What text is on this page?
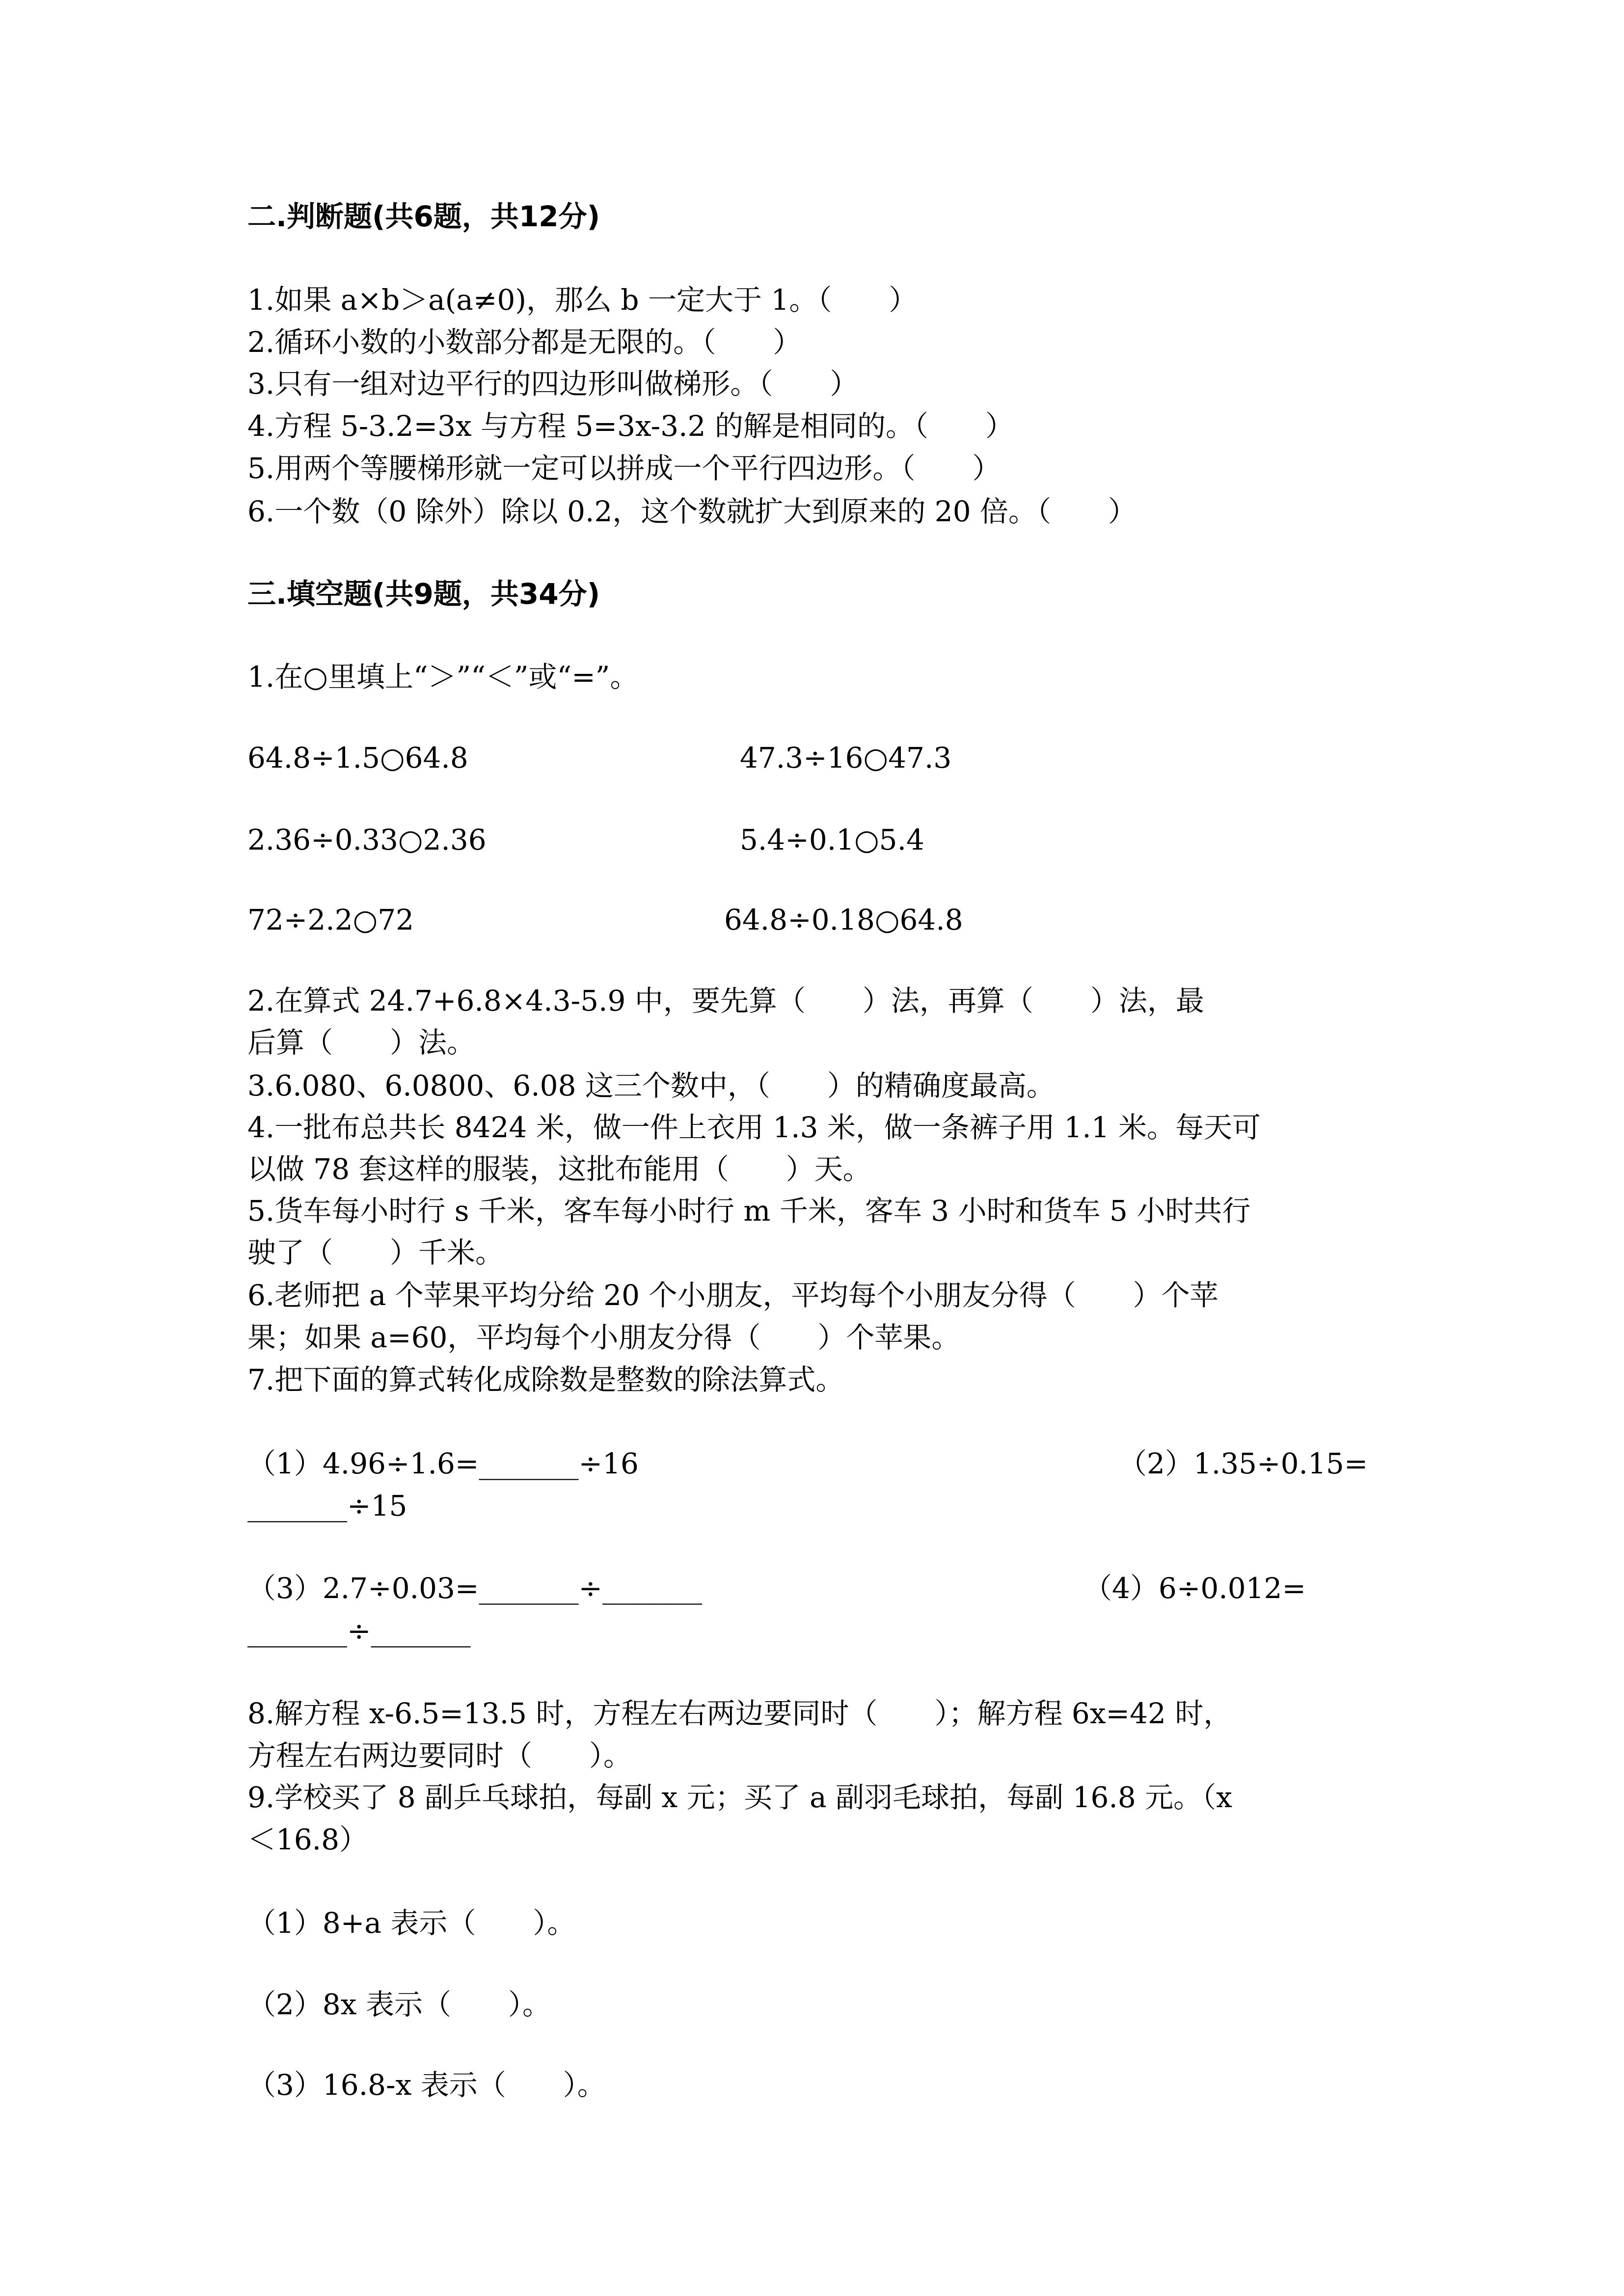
二.判断题(共6题，共12分)

1.如果 a×b＞a(a≠0)，那么 b 一定大于 1。（　　）

2.循环小数的小数部分都是无限的。（　　）

3.只有一组对边平行的四边形叫做梯形。（　　）

4.方程 5-3.2=3x 与方程 5=3x-3.2 的解是相同的。（　　）

5.用两个等腰梯形就一定可以拼成一个平行四边形。（　　）

6.一个数（0 除外）除以 0.2，这个数就扩大到原来的 20 倍。（　　）

三.填空题(共9题，共34分)

1.在○里填上“＞”“＜”或“=”。

64.8÷1.5○64.8	47.3÷16○47.3

2.36÷0.33○2.36	5.4÷0.1○5.4

72÷2.2○72	64.8÷0.18○64.8

2.在算式 24.7+6.8×4.3-5.9 中，要先算（　　）法，再算（　　）法，最

后算（　　）法。

3.6.080、6.0800、6.08 这三个数中，（　　）的精确度最高。

4.一批布总共长 8424 米，做一件上衣用 1.3 米，做一条裤子用 1.1 米。每天可

以做 78 套这样的服装，这批布能用（　　）天。

5.货车每小时行 s 千米，客车每小时行 m 千米，客车 3 小时和货车 5 小时共行

驶了（　　）千米。

6.老师把 a 个苹果平均分给 20 个小朋友，平均每个小朋友分得（　　）个苹

果；如果 a=60，平均每个小朋友分得（　　）个苹果。

7.把下面的算式转化成除数是整数的除法算式。

（1）4.96÷1.6=_______÷16	（2）1.35÷0.15=

_______÷15

（3）2.7÷0.03=_______÷_______	（4）6÷0.012=

_______÷_______

8.解方程 x-6.5=13.5 时，方程左右两边要同时（　　）；解方程 6x=42 时，

方程左右两边要同时（　　）。

9.学校买了 8 副乒乓球拍，每副 x 元；买了 a 副羽毛球拍，每副 16.8 元。（x

＜16.8）

（1）8+a 表示（　　）。

（2）8x 表示（　　）。

（3）16.8-x 表示（　　）。
